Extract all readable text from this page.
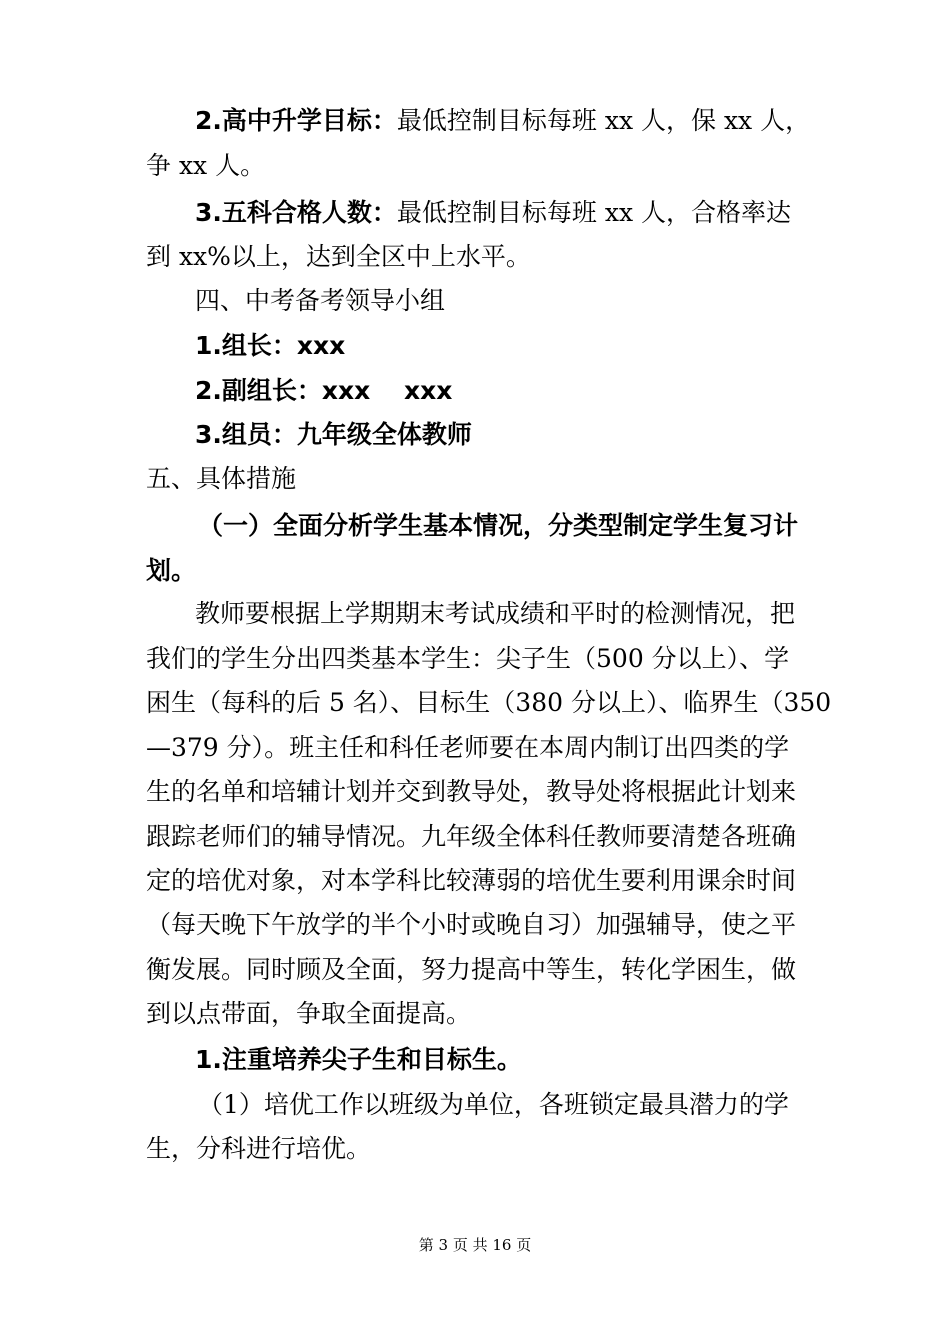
2.高中升学目标：最低控制目标每班 xx 人，保 xx 人，
争 xx 人。
3.五科合格人数：最低控制目标每班 xx 人，合格率达
到 xx%以上，达到全区中上水平。
四、中考备考领导小组
1.组长：xxx
2.副组长：xxx　 xxx
3.组员：九年级全体教师
五、具体措施
（一）全面分析学生基本情况，分类型制定学生复习计
划。
教师要根据上学期期末考试成绩和平时的检测情况，把
我们的学生分出四类基本学生：尖子生（500 分以上）、学
困生（每科的后 5 名）、目标生（380 分以上）、临界生（350
—379 分）。班主任和科任老师要在本周内制订出四类的学
生的名单和培辅计划并交到教导处，教导处将根据此计划来
跟踪老师们的辅导情况。九年级全体科任教师要清楚各班确
定的培优对象，对本学科比较薄弱的培优生要利用课余时间
（每天晚下午放学的半个小时或晚自习）加强辅导，使之平
衡发展。同时顾及全面，努力提高中等生，转化学困生，做
到以点带面，争取全面提高。
1.注重培养尖子生和目标生。
（1）培优工作以班级为单位，各班锁定最具潜力的学
生，分科进行培优。
第 3 页 共 16 页
